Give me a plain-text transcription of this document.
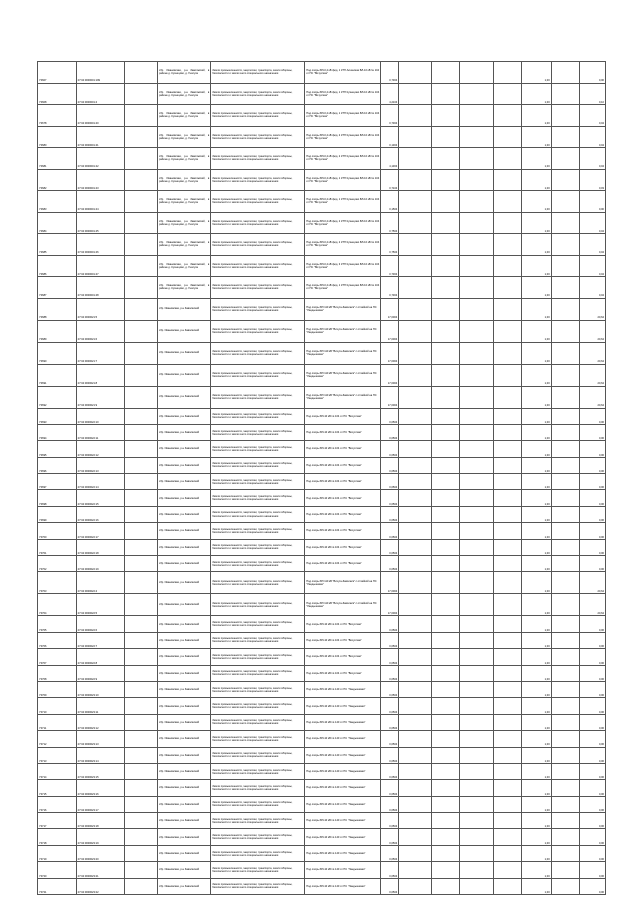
Y0607	27:04:0000001:199		хбр. Ивановская, р-н Заволжский, в районе д. Кузнецово, д. Гнилуха	Земли промышленности, энергетики, транспорта, земли обороны, безопасности и земли иного специального назначения	Под опоры ВЛ-0,4 кВ фид. 1 КТП Акчинская ВЛ-10 кВ № 104 от ПС "Вичугская"	0,7304					1,00		0,00
Y0608	27:04:0000001:4		хбр. Ивановская, р-н Заволжский, в районе д. Кузнецово, д. Гнилуха	Земли промышленности, энергетики, транспорта, земли обороны, безопасности и земли иного специального назначения	Под опоры ВЛ-0,4 кВ фид. 1 КТП Кузнецово ВЛ-10 кВ № 104 от ПС "Вичугская"	4,2104					1,00		0,10
Y0678	27:04:0000001:40		хбр. Ивановская, р-н Заволжский, в районе д. Кузнецово, д. Гнилуха	Земли промышленности, энергетики, транспорта, земли обороны, безопасности и земли иного специального назначения	Под опоры ВЛ-0,4 кВ фид. 1 КТП Кузнецово ВЛ-10 кВ № 104 от ПС "Вичугская"	0,7304					1,00		0,04
Y0680	27:04:0000001:41		хбр. Ивановская, р-н Заволжский, в районе д. Кузнецово, д. Гнилуха	Земли промышленности, энергетики, транспорта, земли обороны, безопасности и земли иного специального назначения	Под опоры ВЛ-0,4 кВ фид. 2 КТП Кузнецово ВЛ-10 кВ № 104 от ПС "Вичугская"	0,1304					1,00		0,04
Y0681	27:04:0000001:42		хбр. Ивановская, р-н Заволжский, в районе д. Кузнецово, д. Гнилуха	Земли промышленности, энергетики, транспорта, земли обороны, безопасности и земли иного специального назначения	Под опоры ВЛ-0,4 кВ фид. 2 КТП Кузнецово ВЛ-10 кВ № 104 от ПС "Вичугская"	4,1304					1,00		0,04
Y0682	27:04:0000001:43		хбр. Ивановская, р-н Заволжский, в районе д. Кузнецово, д. Гнилуха	Земли промышленности, энергетики, транспорта, земли обороны, безопасности и земли иного специального назначения	Под опоры ВЛ-0,4 кВ фид. 1 КТП Кузнецово ВЛ-10 кВ № 104 от ПС "Вичугская"	0,7104					1,00		0,03
Y0683	27:04:0000001:44		хбр. Ивановская, р-н Заволжский, в районе д. Кузнецово, д. Гнилуха	Земли промышленности, энергетики, транспорта, земли обороны, безопасности и земли иного специального назначения	Под опоры ВЛ-0,4 кВ фид. 1 КТП Кузнецово ВЛ-10 кВ № 104 от ПС "Вичугская"	0,1504					1,00		0,00
Y0684	27:04:0000001:45		хбр. Ивановская, р-н Заволжский, в районе д. Кузнецово, д. Гнилуха	Земли промышленности, энергетики, транспорта, земли обороны, безопасности и земли иного специального назначения	Под опоры ВЛ-0,4 кВ фид. 2 КТП Кузнецово ВЛ-10 кВ № 104 от ПС "Вичугская"	0,7504					1,00		0,04
Y0685	27:04:0000001:46		хбр. Ивановская, р-н Заволжский, в районе д. Кузнецово, д. Гнилуха	Земли промышленности, энергетики, транспорта, земли обороны, безопасности и земли иного специального назначения	Под опоры ВЛ-0,4 кВ фид. 2 КТП Кузнецово ВЛ-10 кВ № 104 от ПС "Вичугская"	0,7504					1,00		0,04
Y0686	27:04:0000001:47		хбр. Ивановская, р-н Заволжский, в районе д. Кузнецово, д. Гнилуха	Земли промышленности, энергетики, транспорта, земли обороны, безопасности и земли иного специального назначения	Под опоры ВЛ-0,4 кВ фид. 3 КТП Кузнецово ВЛ-10 кВ № 104 от ПС "Вичугская"	0,7304					1,00		0,04
Y0687	27:04:0000001:48		хбр. Ивановская, р-н Заволжский, в районе д. Кузнецово, д. Гнилуха	Земли промышленности, энергетики, транспорта, земли обороны, безопасности и земли иного специального назначения	Под опоры ВЛ-0,4 кВ фид. 1 КТП Кузнецово ВЛ-10 кВ № 104 от ПС "Вичугская"	0,7304					1,00		0,04
Y0688	27:04:0000021:5		хбр. Ивановская, р-н Заволжский	Земли промышленности, энергетики, транспорта, земли обороны, безопасности и земли иного специального назначения	Под опоры ВЛ 110 кВ "Вичуга-Заволжск" с отпайкой на ПС "Ландышевая"	17,0004					1,00		20,64
Y0689	27:04:0000021:6		хбр. Ивановская, р-н Заволжский	Земли промышленности, энергетики, транспорта, земли обороны, безопасности и земли иного специального назначения	Под опоры ВЛ 110 кВ "Вичуга-Заволжск" с отпайкой на ПС "Ландышевая"	17,0004					1,00		20,64
Y0690	27:04:0000021:7		хбр. Ивановская, р-н Заволжский	Земли промышленности, энергетики, транспорта, земли обороны, безопасности и земли иного специального назначения	Под опоры ВЛ 110 кВ "Вичуга-Заволжск" с отпайкой на ПС "Ландышевая"	17,0004					1,00		20,64
Y0691	27:04:0000021:8		хбр. Ивановская, р-н Заволжский	Земли промышленности, энергетики, транспорта, земли обороны, безопасности и земли иного специального назначения	Под опоры ВЛ 110 кВ "Вичуга-Заволжск" с отпайкой на ПС "Ландышевая"	17,0004					1,00		20,64
Y0692	27:04:0000021:9		хбр. Ивановская, р-н Заволжский	Земли промышленности, энергетики, транспорта, земли обороны, безопасности и земли иного специального назначения	Под опоры ВЛ 110 кВ "Вичуга-Заволжск" с отпайкой на ПС "Ландышевая"	17,0004					1,00		20,64
Y0693	27:04:0000022:10		хбр. Ивановская, р-н Заволжский	Земли промышленности, энергетики, транспорта, земли обороны, безопасности и земли иного специального назначения	Под опоры ВЛ-10 кВ № 104 от ПС "Вичугская"	0,0504					1,00		0,06
Y0694	27:04:0000022:11		хбр. Ивановская, р-н Заволжский	Земли промышленности, энергетики, транспорта, земли обороны, безопасности и земли иного специального назначения	Под опоры ВЛ-10 кВ № 104 от ПС "Вичугская"	0,0504					1,00		0,06
Y0695	27:04:0000022:12		хбр. Ивановская, р-н Заволжский	Земли промышленности, энергетики, транспорта, земли обороны, безопасности и земли иного специального назначения	Под опоры ВЛ-10 кВ № 104 от ПС "Вичугская"	0,0504					1,00		0,06
Y0696	27:04:0000022:13		хбр. Ивановская, р-н Заволжский	Земли промышленности, энергетики, транспорта, земли обороны, безопасности и земли иного специального назначения	Под опоры ВЛ-10 кВ № 104 от ПС "Вичугская"	0,0504					1,00		0,06
Y0697	27:04:0000022:14		хбр. Ивановская, р-н Заволжский	Земли промышленности, энергетики, транспорта, земли обороны, безопасности и земли иного специального назначения	Под опоры ВЛ-10 кВ № 104 от ПС "Вичугская"	0,0504					1,00		0,06
Y0698	27:04:0000022:15		хбр. Ивановская, р-н Заволжский	Земли промышленности, энергетики, транспорта, земли обороны, безопасности и земли иного специального назначения	Под опоры ВЛ-10 кВ № 104 от ПС "Вичугская"	0,0504					1,00		0,06
Y0699	27:04:0000022:16		хбр. Ивановская, р-н Заволжский	Земли промышленности, энергетики, транспорта, земли обороны, безопасности и земли иного специального назначения	Под опоры ВЛ-10 кВ № 104 от ПС "Вичугская"	0,0504					1,00		0,06
Y0700	27:04:0000022:17		хбр. Ивановская, р-н Заволжский	Земли промышленности, энергетики, транспорта, земли обороны, безопасности и земли иного специального назначения	Под опоры ВЛ-10 кВ № 104 от ПС "Вичугская"	0,0504					1,00		0,06
Y0701	27:04:0000022:18		хбр. Ивановская, р-н Заволжский	Земли промышленности, энергетики, транспорта, земли обороны, безопасности и земли иного специального назначения	Под опоры ВЛ-10 кВ № 104 от ПС "Вичугская"	0,0504					1,00		0,06
Y0702	27:04:0000022:19		хбр. Ивановская, р-н Заволжский	Земли промышленности, энергетики, транспорта, земли обороны, безопасности и земли иного специального назначения	Под опоры ВЛ-10 кВ № 104 от ПС "Вичугская"	0,0504					1,00		0,06
Y0703	27:04:0000022:4		хбр. Ивановская, р-н Заволжский	Земли промышленности, энергетики, транспорта, земли обороны, безопасности и земли иного специального назначения	Под опоры ВЛ 110 кВ "Вичуга-Заволжск" с отпайкой на ПС "Ландышевая"	17,0004					1,00		20,64
Y0704	27:04:0000022:5		хбр. Ивановская, р-н Заволжский	Земли промышленности, энергетики, транспорта, земли обороны, безопасности и земли иного специального назначения	Под опоры ВЛ 110 кВ "Вичуга-Заволжск" с отпайкой на ПС "Ландышевая"	17,0004					1,00		20,64
Y0705	27:04:0000022:6		хбр. Ивановская, р-н Заволжский	Земли промышленности, энергетики, транспорта, земли обороны, безопасности и земли иного специального назначения	Под опоры ВЛ-10 кВ № 104 от ПС "Вичугская"	0,0504					1,00		0,06
Y0706	27:04:0000022:7		хбр. Ивановская, р-н Заволжский	Земли промышленности, энергетики, транспорта, земли обороны, безопасности и земли иного специального назначения	Под опоры ВЛ-10 кВ № 104 от ПС "Вичугская"	0,0504					1,00		0,06
Y0707	27:04:0000022:8		хбр. Ивановская, р-н Заволжский	Земли промышленности, энергетики, транспорта, земли обороны, безопасности и земли иного специального назначения	Под опоры ВЛ-10 кВ № 104 от ПС "Вичугская"	0,0504					1,00		0,06
Y0708	27:04:0000022:9		хбр. Ивановская, р-н Заволжский	Земли промышленности, энергетики, транспорта, земли обороны, безопасности и земли иного специального назначения	Под опоры ВЛ-10 кВ № 104 от ПС "Вичугская"	0,0504					1,00		0,06
Y0709	27:04:0000023:10		хбр. Ивановская, р-н Заволжский	Земли промышленности, энергетики, транспорта, земли обороны, безопасности и земли иного специального назначения	Под опоры ВЛ-10 кВ № 140 от ПС "Ландышевая"	0,0504					1,00		0,06
Y0710	27:04:0000023:11		хбр. Ивановская, р-н Заволжский	Земли промышленности, энергетики, транспорта, земли обороны, безопасности и земли иного специального назначения	Под опоры ВЛ-10 кВ № 140 от ПС "Ландышевая"	0,0504					1,00		0,06
Y0711	27:04:0000023:12		хбр. Ивановская, р-н Заволжский	Земли промышленности, энергетики, транспорта, земли обороны, безопасности и земли иного специального назначения	Под опоры ВЛ-10 кВ № 140 от ПС "Ландышевая"	0,0504					1,00		0,06
Y0712	27:04:0000023:13		хбр. Ивановская, р-н Заволжский	Земли промышленности, энергетики, транспорта, земли обороны, безопасности и земли иного специального назначения	Под опоры ВЛ-10 кВ № 140 от ПС "Ландышевая"	0,0504					1,00		0,06
Y0713	27:04:0000023:14		хбр. Ивановская, р-н Заволжский	Земли промышленности, энергетики, транспорта, земли обороны, безопасности и земли иного специального назначения	Под опоры ВЛ-10 кВ № 140 от ПС "Ландышевая"	0,0504					1,00		0,06
Y0714	27:04:0000023:15		хбр. Ивановская, р-н Заволжский	Земли промышленности, энергетики, транспорта, земли обороны, безопасности и земли иного специального назначения	Под опоры ВЛ-10 кВ № 140 от ПС "Ландышевая"	0,0504					1,00		0,06
Y0715	27:04:0000023:16		хбр. Ивановская, р-н Заволжский	Земли промышленности, энергетики, транспорта, земли обороны, безопасности и земли иного специального назначения	Под опоры ВЛ-10 кВ № 140 от ПС "Ландышевая"	0,0504					1,00		0,06
Y0716	27:04:0000023:17		хбр. Ивановская, р-н Заволжский	Земли промышленности, энергетики, транспорта, земли обороны, безопасности и земли иного специального назначения	Под опоры ВЛ-10 кВ № 140 от ПС "Ландышевая"	0,0504					1,00		0,06
Y0717	27:04:0000023:18		хбр. Ивановская, р-н Заволжский	Земли промышленности, энергетики, транспорта, земли обороны, безопасности и земли иного специального назначения	Под опоры ВЛ-10 кВ № 140 от ПС "Ландышевая"	0,0504					1,00		0,06
Y0718	27:04:0000023:19		хбр. Ивановская, р-н Заволжский	Земли промышленности, энергетики, транспорта, земли обороны, безопасности и земли иного специального назначения	Под опоры ВЛ-10 кВ № 140 от ПС "Ландышевая"	0,0504					1,00		0,06
Y0719	27:04:0000023:20		хбр. Ивановская, р-н Заволжский	Земли промышленности, энергетики, транспорта, земли обороны, безопасности и земли иного специального назначения	Под опоры ВЛ-10 кВ № 140 от ПС "Ландышевая"	0,0504					1,00		0,06
Y0720	27:04:0000023:21		хбр. Ивановская, р-н Заволжский	Земли промышленности, энергетики, транспорта, земли обороны, безопасности и земли иного специального назначения	Под опоры ВЛ-10 кВ № 140 от ПС "Ландышевая"	0,0504					1,00		0,06
Y0721	27:04:0000023:22		хбр. Ивановская, р-н Заволжский	Земли промышленности, энергетики, транспорта, земли обороны, безопасности и земли иного специального назначения	Под опоры ВЛ-10 кВ № 140 от ПС "Ландышевая"	0,0504					1,00		0,06
